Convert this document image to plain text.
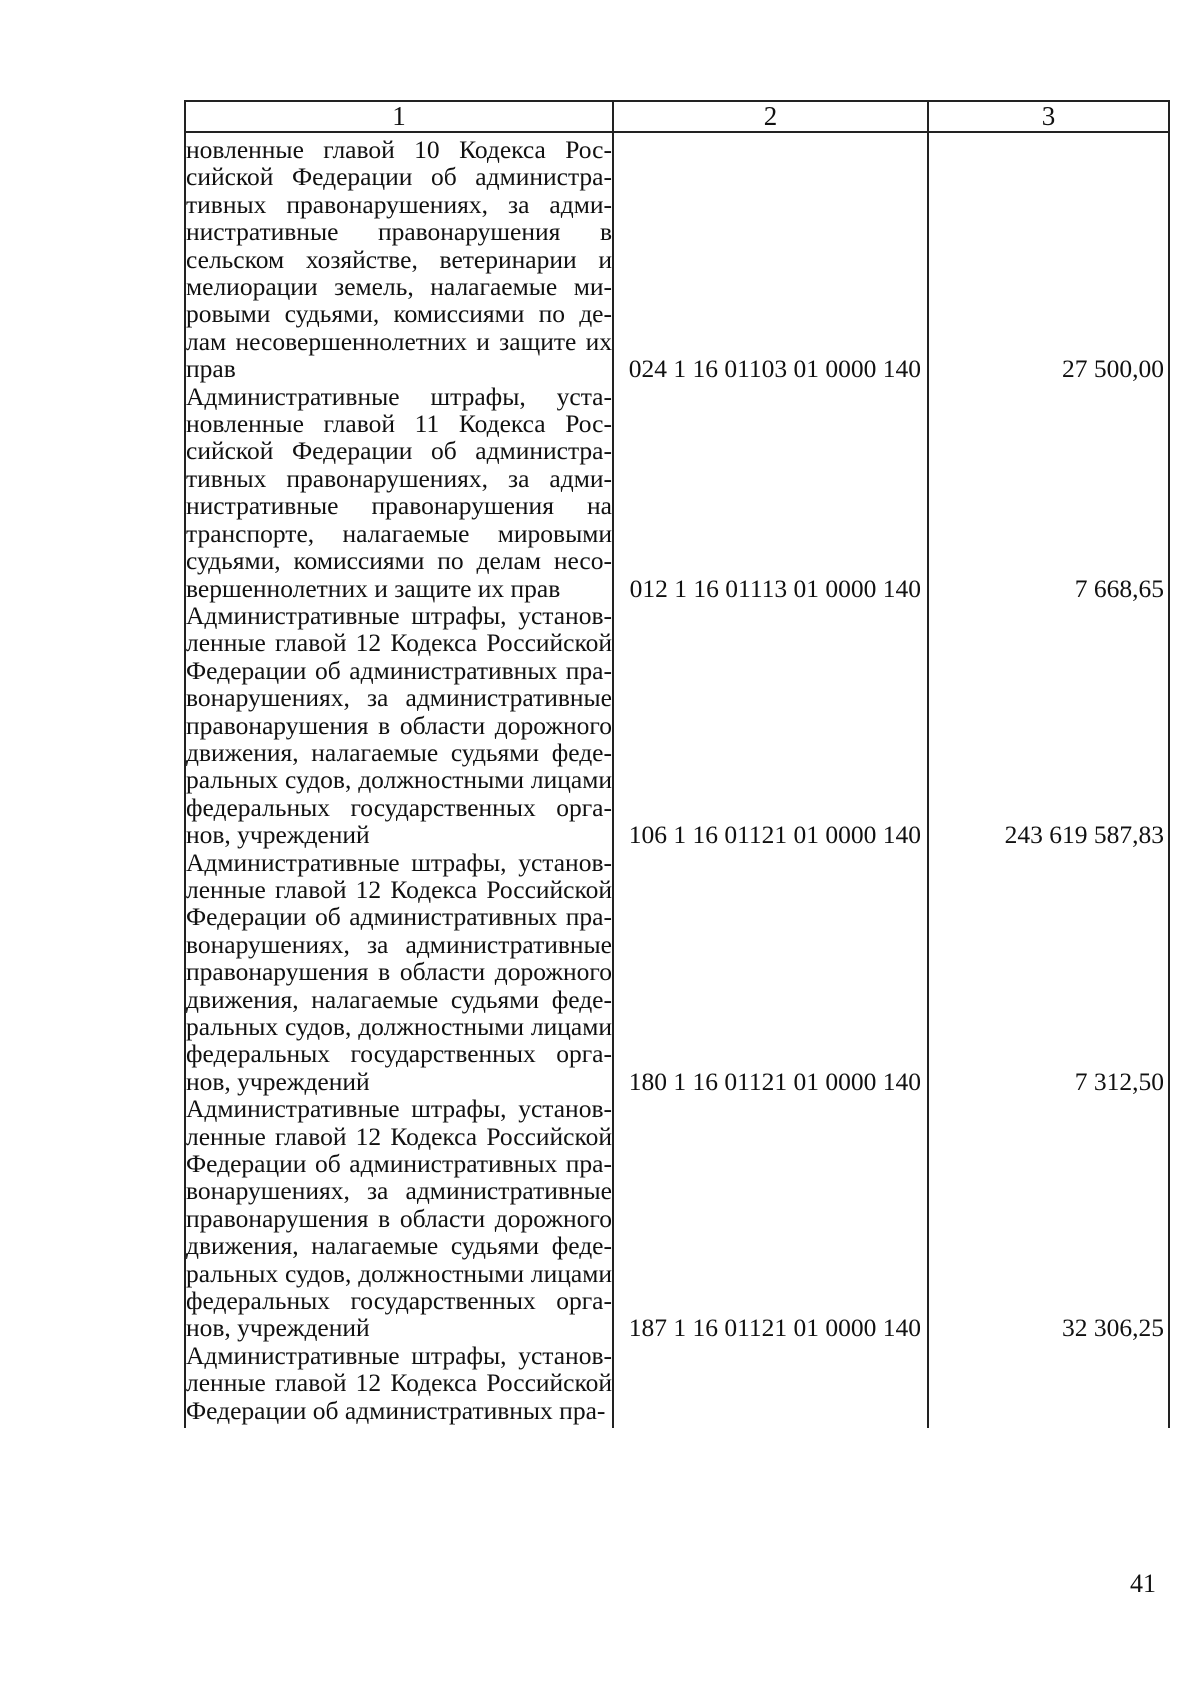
1	2	3
новленные главой 10 Кодекса Российской Федерации об административных правонарушениях, за административные правонарушения в сельском хозяйстве, ветеринарии и мелиорации земель, налагаемые мировыми судьями, комиссиями по делам несовершеннолетних и защите их прав	024 1 16 01103 01 0000 140	27 500,00
Административные штрафы, установленные главой 11 Кодекса Российской Федерации об административных правонарушениях, за административные правонарушения на транспорте, налагаемые мировыми судьями, комиссиями по делам несовершеннолетних и защите их прав	012 1 16 01113 01 0000 140	7 668,65
Административные штрафы, установленные главой 12 Кодекса Российской Федерации об административных правонарушениях, за административные правонарушения в области дорожного движения, налагаемые судьями федеральных судов, должностными лицами федеральных государственных органов, учреждений	106 1 16 01121 01 0000 140	243 619 587,83
Административные штрафы, установленные главой 12 Кодекса Российской Федерации об административных правонарушениях, за административные правонарушения в области дорожного движения, налагаемые судьями федеральных судов, должностными лицами федеральных государственных органов, учреждений	180 1 16 01121 01 0000 140	7 312,50
Административные штрафы, установленные главой 12 Кодекса Российской Федерации об административных правонарушениях, за административные правонарушения в области дорожного движения, налагаемые судьями федеральных судов, должностными лицами федеральных государственных органов, учреждений	187 1 16 01121 01 0000 140	32 306,25
Административные штрафы, установленные главой 12 Кодекса Российской Федерации об административных пра-		
41
